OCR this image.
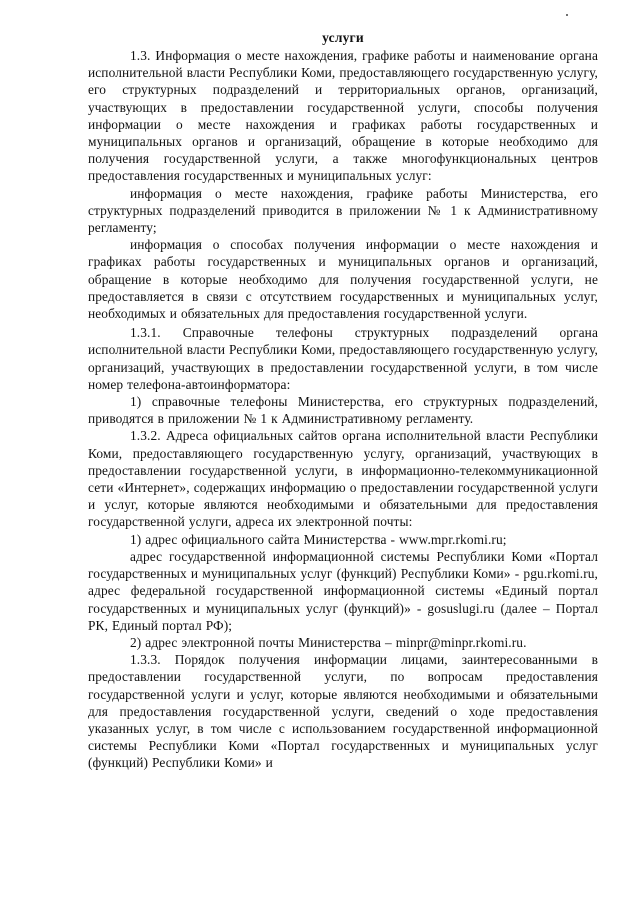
услуги

1.3. Информация о месте нахождения, графике работы и наименование органа исполнительной власти Республики Коми, предоставляющего государственную услугу, его структурных подразделений и территориальных органов, организаций, участвующих в предоставлении государственной услуги, способы получения информации о месте нахождения и графиках работы государственных и муниципальных органов и организаций, обращение в которые необходимо для получения государственной услуги, а также многофункциональных центров предоставления государственных и муниципальных услуг:

информация о месте нахождения, графике работы Министерства, его структурных подразделений приводится в приложении № 1 к Административному регламенту;

информация о способах получения информации о месте нахождения и графиках работы государственных и муниципальных органов и организаций, обращение в которые необходимо для получения государственной услуги, не предоставляется в связи с отсутствием государственных и муниципальных услуг, необходимых и обязательных для предоставления государственной услуги.

1.3.1. Справочные телефоны структурных подразделений органа исполнительной власти Республики Коми, предоставляющего государственную услугу, организаций, участвующих в предоставлении государственной услуги, в том числе номер телефона-автоинформатора:

1) справочные телефоны Министерства, его структурных подразделений, приводятся в приложении № 1 к Административному регламенту.

1.3.2. Адреса официальных сайтов органа исполнительной власти Республики Коми, предоставляющего государственную услугу, организаций, участвующих в предоставлении государственной услуги, в информационно-телекоммуникационной сети «Интернет», содержащих информацию о предоставлении государственной услуги и услуг, которые являются необходимыми и обязательными для предоставления государственной услуги, адреса их электронной почты:

1) адрес официального сайта Министерства - www.mpr.rkomi.ru;

адрес государственной информационной системы Республики Коми «Портал государственных и муниципальных услуг (функций) Республики Коми» - pgu.rkomi.ru, адрес федеральной государственной информационной системы «Единый портал государственных и муниципальных услуг (функций)» - gosuslugi.ru (далее – Портал РК, Единый портал РФ);

2) адрес электронной почты Министерства – minpr@minpr.rkomi.ru.

1.3.3. Порядок получения информации лицами, заинтересованными в предоставлении государственной услуги, по вопросам предоставления государственной услуги и услуг, которые являются необходимыми и обязательными для предоставления государственной услуги, сведений о ходе предоставления указанных услуг, в том числе с использованием государственной информационной системы Республики Коми «Портал государственных и муниципальных услуг (функций) Республики Коми» и
